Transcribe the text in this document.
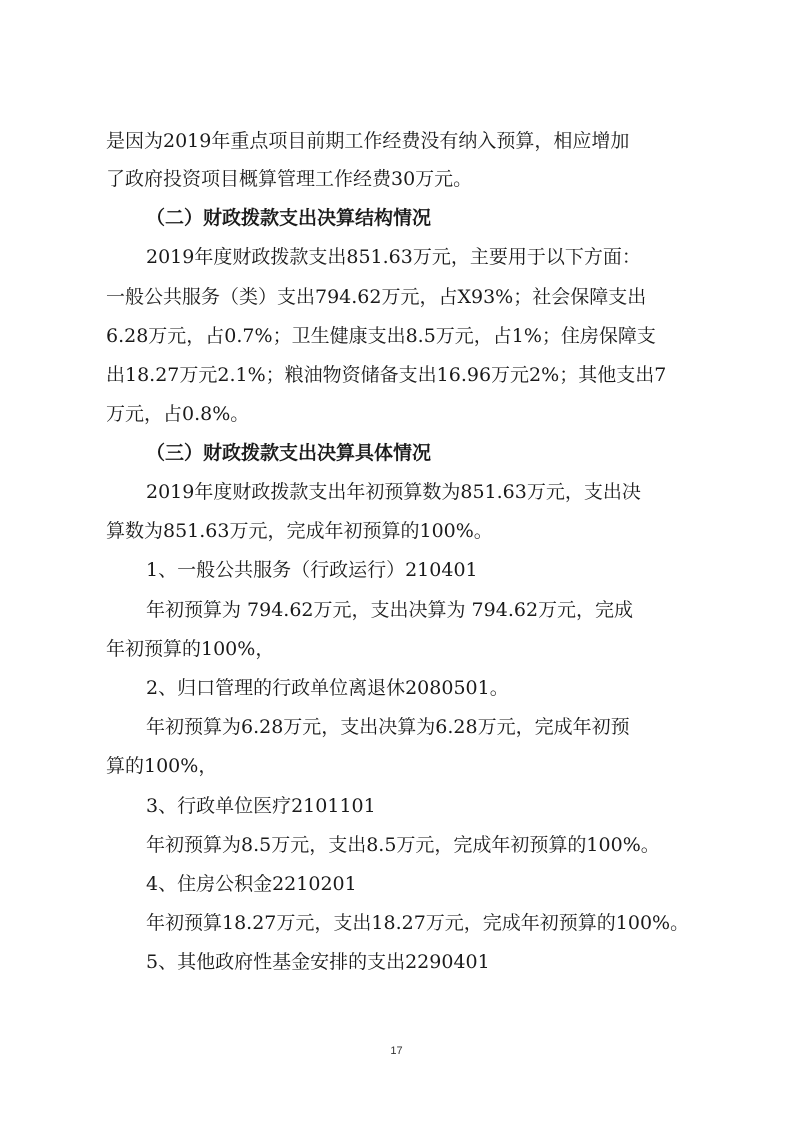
是因为2019年重点项目前期工作经费没有纳入预算，相应增加
了政府投资项目概算管理工作经费30万元。
（二）财政拨款支出决算结构情况
2019年度财政拨款支出851.63万元，主要用于以下方面：
一般公共服务（类）支出794.62万元，占X93%；社会保障支出
6.28万元，占0.7%；卫生健康支出8.5万元，占1%；住房保障支
出18.27万元2.1%；粮油物资储备支出16.96万元2%；其他支出7
万元，占0.8%。
（三）财政拨款支出决算具体情况
2019年度财政拨款支出年初预算数为851.63万元，支出决
算数为851.63万元，完成年初预算的100%。
1、一般公共服务（行政运行）210401
年初预算为 794.62万元，支出决算为 794.62万元，完成
年初预算的100%，
2、归口管理的行政单位离退休2080501。
年初预算为6.28万元，支出决算为6.28万元，完成年初预
算的100%，
3、行政单位医疗2101101
年初预算为8.5万元，支出8.5万元，完成年初预算的100%。
4、住房公积金2210201
年初预算18.27万元，支出18.27万元，完成年初预算的100%。
5、其他政府性基金安排的支出2290401
17
